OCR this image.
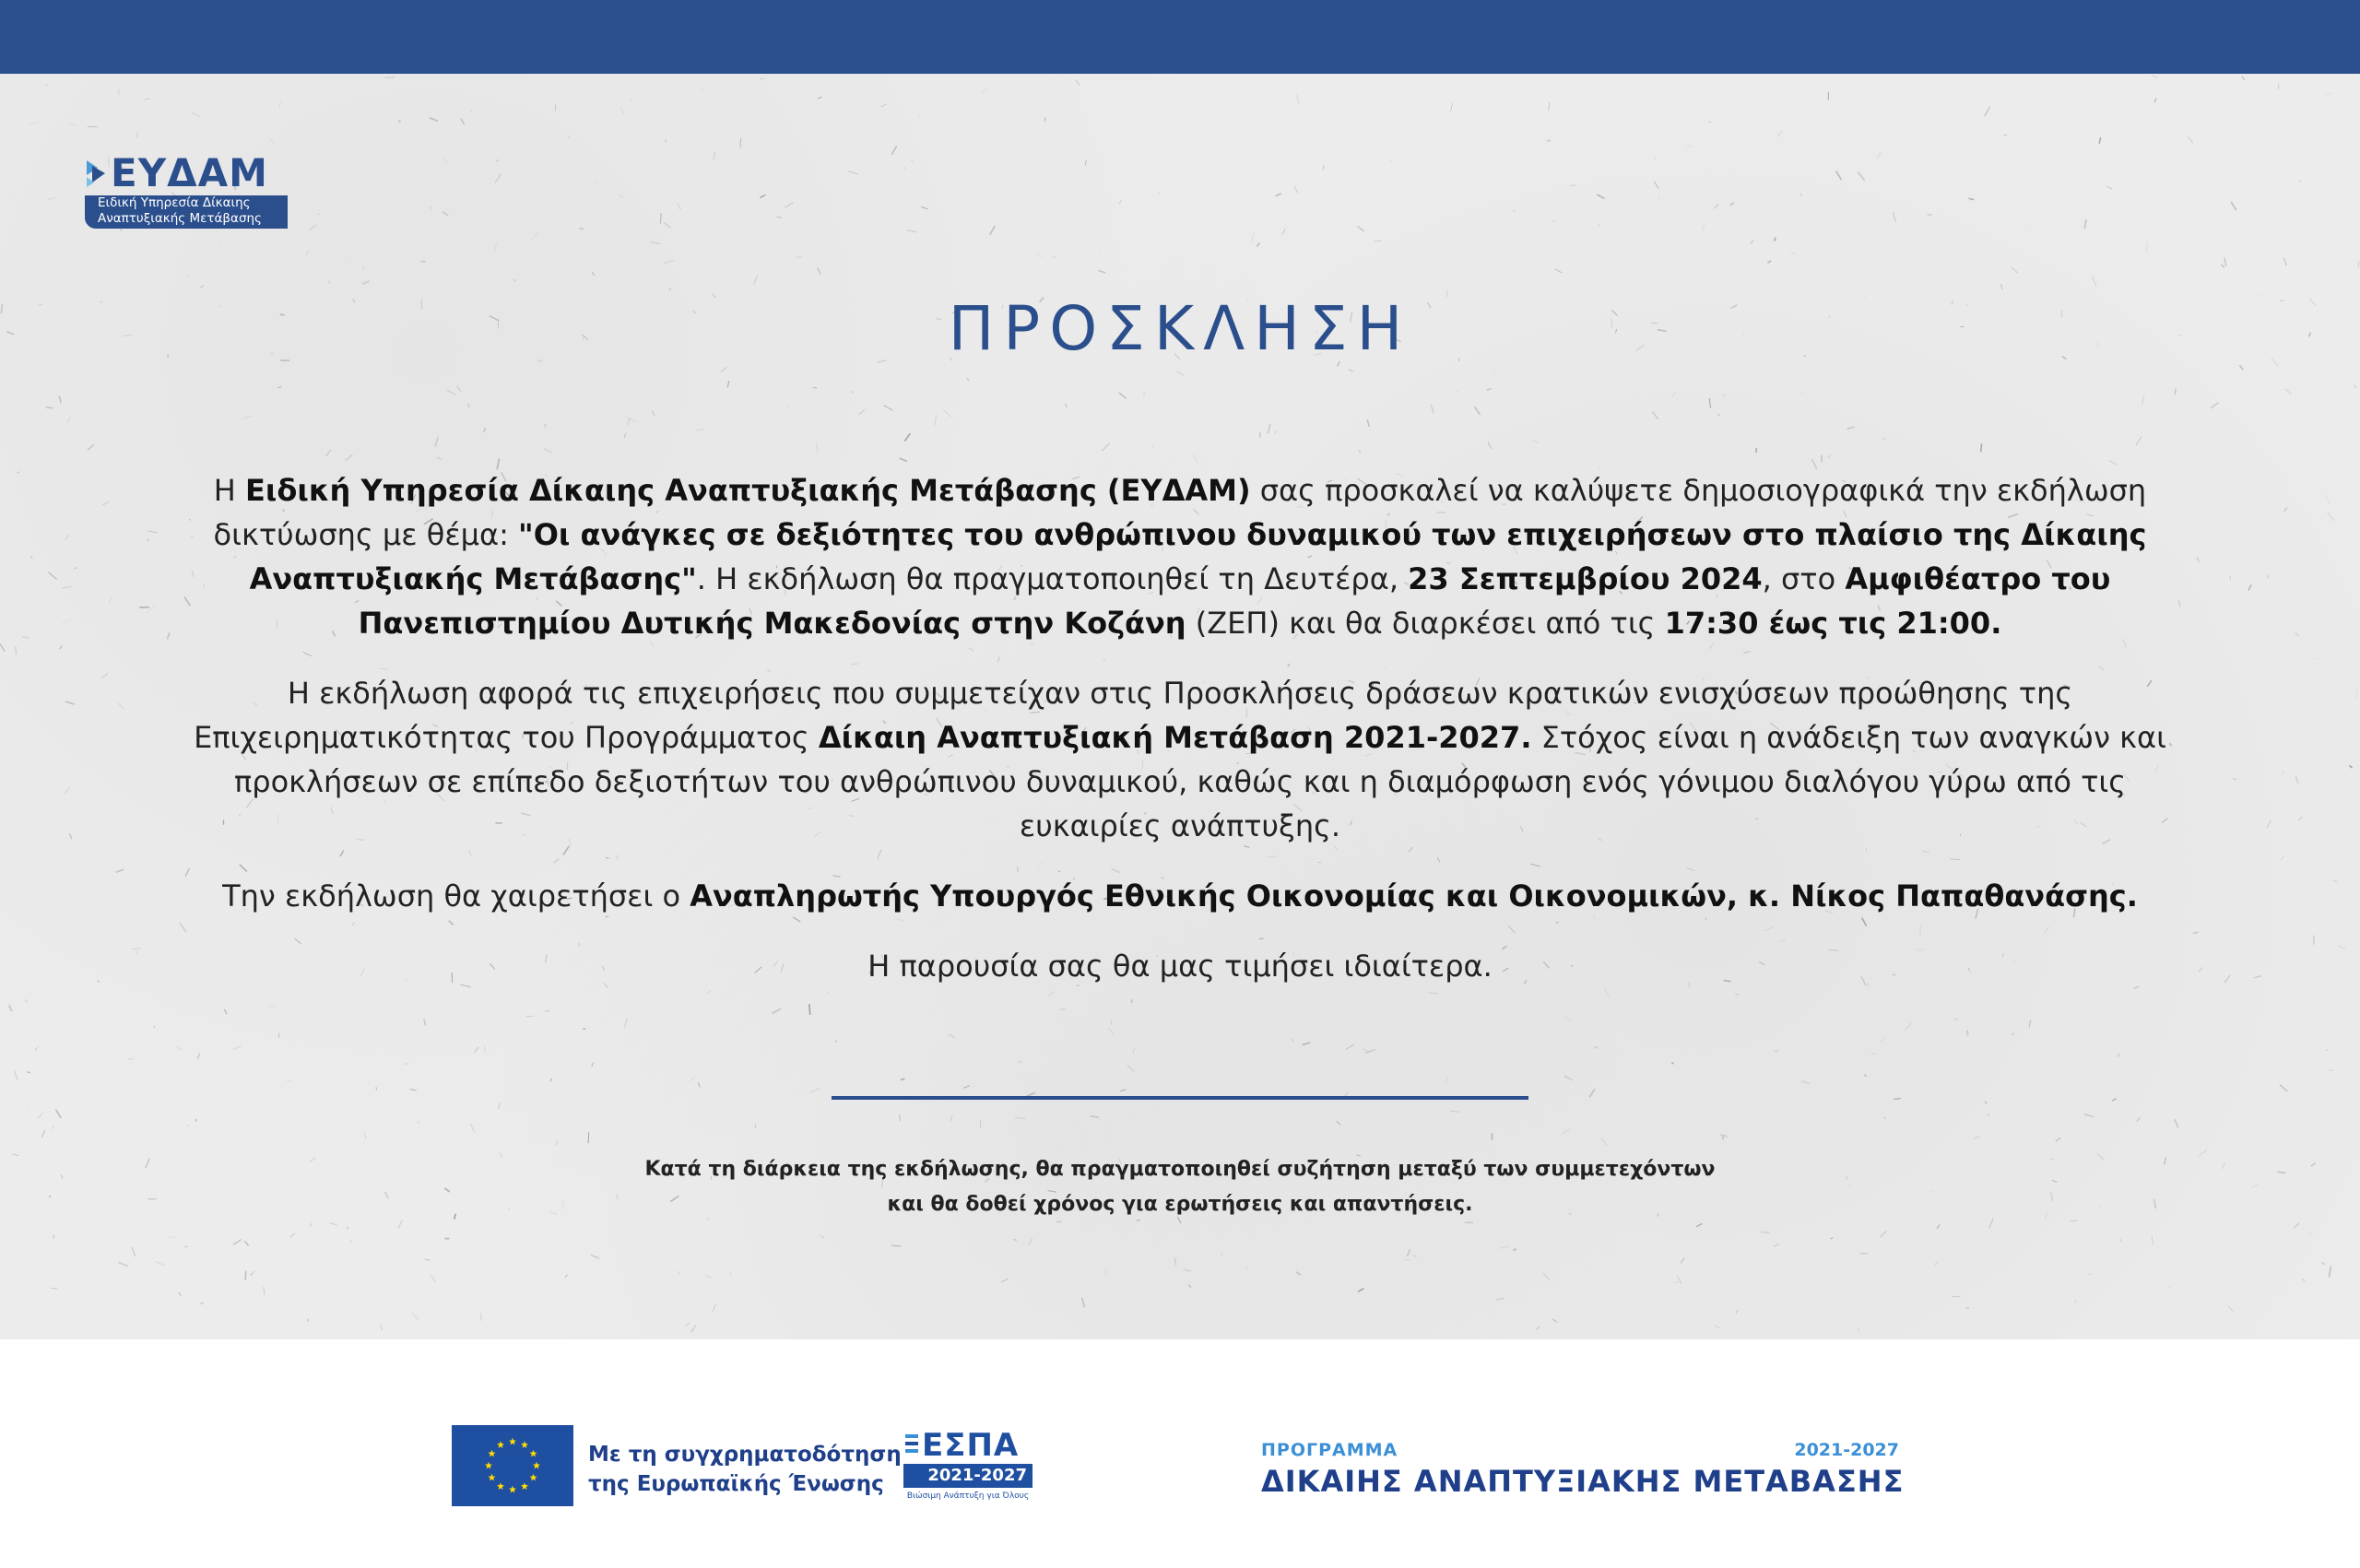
ΕΥΔΑΜ
Ειδική Υπηρεσία Δίκαιης
Αναπτυξιακής Μετάβασης
ΠΡΟΣΚΛΗΣΗ

Η Ειδική Υπηρεσία Δίκαιης Αναπτυξιακής Μετάβασης (ΕΥΔΑΜ) σας προσκαλεί να καλύψετε δημοσιογραφικά την εκδήλωση δικτύωσης με θέμα: "Οι ανάγκες σε δεξιότητες του ανθρώπινου δυναμικού των επιχειρήσεων στο πλαίσιο της Δίκαιης Αναπτυξιακής Μετάβασης". Η εκδήλωση θα πραγματοποιηθεί τη Δευτέρα, 23 Σεπτεμβρίου 2024, στο Αμφιθέατρο του Πανεπιστημίου Δυτικής Μακεδονίας στην Κοζάνη (ΖΕΠ) και θα διαρκέσει από τις 17:30 έως τις 21:00.

Η εκδήλωση αφορά τις επιχειρήσεις που συμμετείχαν στις Προσκλήσεις δράσεων κρατικών ενισχύσεων προώθησης της Επιχειρηματικότητας του Προγράμματος Δίκαιη Αναπτυξιακή Μετάβαση 2021-2027. Στόχος είναι η ανάδειξη των αναγκών και προκλήσεων σε επίπεδο δεξιοτήτων του ανθρώπινου δυναμικού, καθώς και η διαμόρφωση ενός γόνιμου διαλόγου γύρω από τις ευκαιρίες ανάπτυξης.

Την εκδήλωση θα χαιρετήσει ο Αναπληρωτής Υπουργός Εθνικής Οικονομίας και Οικονομικών, κ. Νίκος Παπαθανάσης.

Η παρουσία σας θα μας τιμήσει ιδιαίτερα.

Κατά τη διάρκεια της εκδήλωσης, θα πραγματοποιηθεί συζήτηση μεταξύ των συμμετεχόντων
και θα δοθεί χρόνος για ερωτήσεις και απαντήσεις.
Με τη συγχρηματοδότηση
της Ευρωπαϊκής Ένωσης
ΕΣΠΑ
2021-2027
Βιώσιμη Ανάπτυξη για Όλους
ΠΡΟΓΡΑΜΜΑ	2021-2027
ΔΙΚΑΙΗΣ ΑΝΑΠΤΥΞΙΑΚΗΣ ΜΕΤΑΒΑΣΗΣ
